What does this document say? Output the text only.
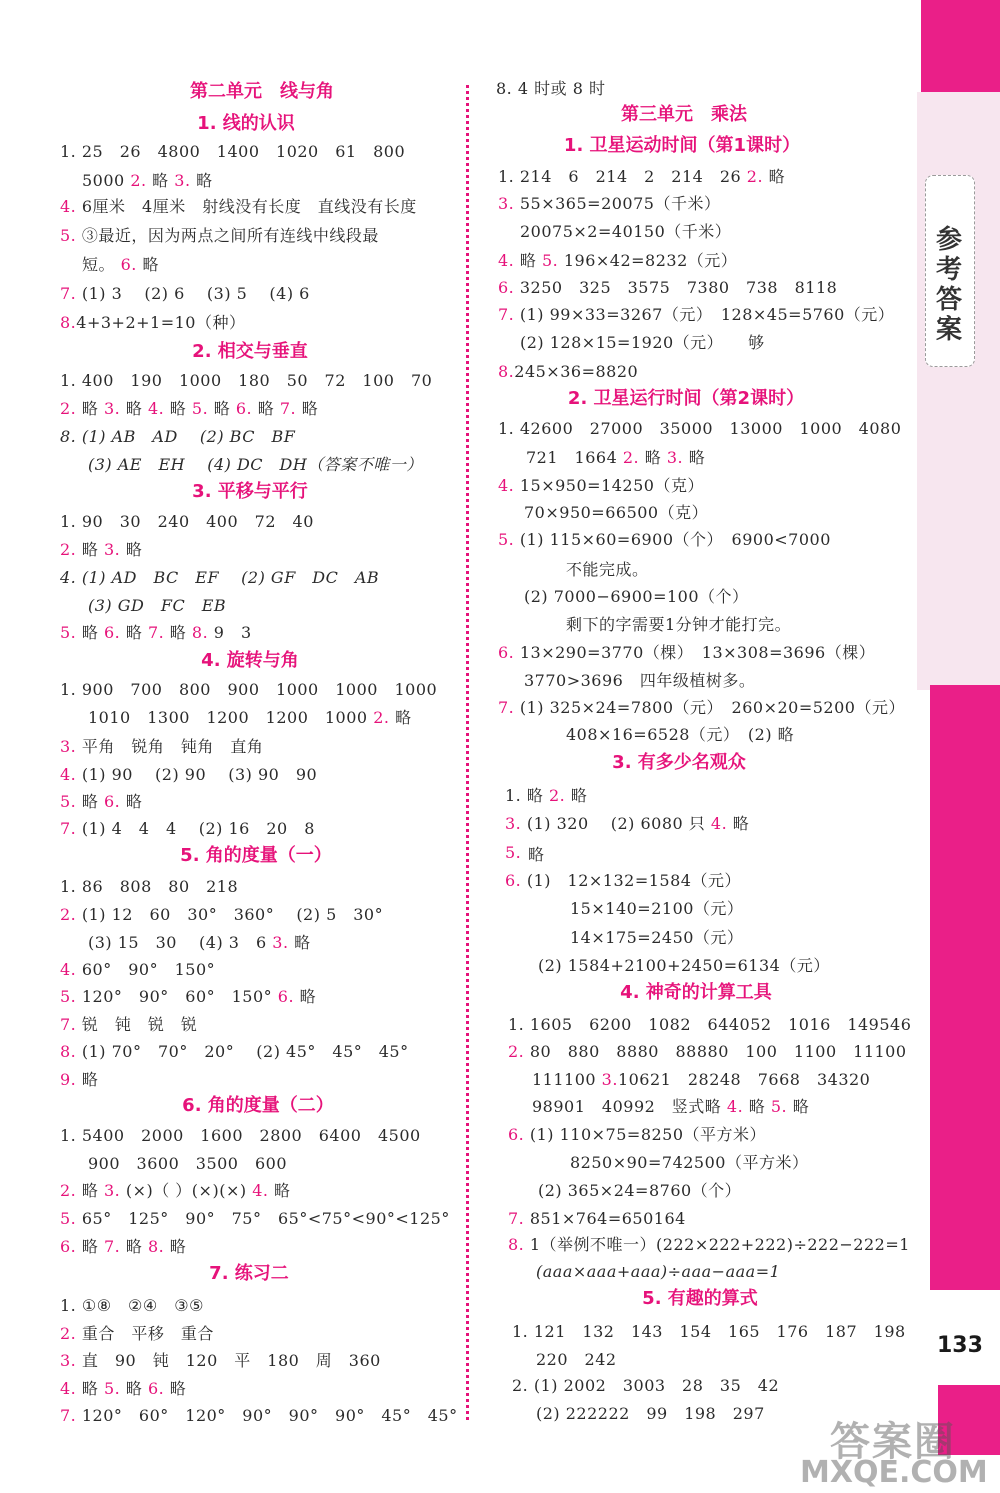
参考答案
133
答案圈
MXQE.COM
第二单元　线与角
1. 线的认识
1. 25　26　4800　1400　1020　61　800
5000 2. 略 3. 略
4. 6厘米　4厘米　射线没有长度　直线没有长度
5. ③最近，因为两点之间所有连线中线段最
短。 6. 略
7. (1) 3　 (2) 6　 (3) 5　 (4) 6
8.4+3+2+1=10（种）
2. 相交与垂直
1. 400　190　1000　180　50　72　100　70
2. 略 3. 略 4. 略 5. 略 6. 略 7. 略
8. (1) AB　AD　 (2) BC　BF
(3) AE　EH　 (4) DC　DH（答案不唯一）
3. 平移与平行
1. 90　30　240　400　72　40
2. 略 3. 略
4. (1) AD　BC　EF　 (2) GF　DC　AB
(3) GD　FC　EB
5. 略 6. 略 7. 略 8. 9　3
4. 旋转与角
1. 900　700　800　900　1000　1000　1000
1010　1300　1200　1200　1000 2. 略
3. 平角　锐角　钝角　直角
4. (1) 90　 (2) 90　 (3) 90　90
5. 略 6. 略
7. (1) 4　4　4　 (2) 16　20　8
5. 角的度量（一）
1. 86　808　80　218
2. (1) 12　60　30°　360°　 (2) 5　30°
(3) 15　30　 (4) 3　6 3. 略
4. 60°　90°　150°
5. 120°　90°　60°　150° 6. 略
7. 锐　钝　锐　锐
8. (1) 70°　70°　20°　 (2) 45°　45°　45°
9. 略
6. 角的度量（二）
1. 5400　2000　1600　2800　6400　4500
900　3600　3500　600
2. 略 3. (×)（ ）(×)(×) 4. 略
5. 65°　125°　90°　75°　65°<75°<90°<125°
6. 略 7. 略 8. 略
7. 练习二
1. ①⑧　②④　③⑤
2. 重合　平移　重合
3. 直　90　钝　120　平　180　周　360
4. 略 5. 略 6. 略
7. 120°　60°　120°　90°　90°　90°　45°　45°
8. 4 时或 8 时
第三单元　乘法
1. 卫星运动时间（第1课时）
1. 214　6　214　2　214　26 2. 略
3. 55×365=20075（千米）
20075×2=40150（千米）
4. 略 5. 196×42=8232（元）
6. 3250　325　3575　7380　738　8118
7. (1) 99×33=3267（元）　128×45=5760（元）
(2) 128×15=1920（元）　　够
8.245×36=8820
2. 卫星运行时间（第2课时）
1. 42600　27000　35000　13000　1000　4080
721　1664 2. 略 3. 略
4. 15×950=14250（克）
70×950=66500（克）
5. (1) 115×60=6900（个）　6900<7000
不能完成。
(2) 7000−6900=100（个）
剩下的字需要1分钟才能打完。
6. 13×290=3770（棵）　13×308=3696（棵）
3770>3696　四年级植树多。
7. (1) 325×24=7800（元）　260×20=5200（元）
408×16=6528（元）　(2) 略
3. 有多少名观众
1. 略 2. 略
3. (1) 320　 (2) 6080 只 4. 略
5. 略
6. (1)　12×132=1584（元）
15×140=2100（元）
14×175=2450（元）
(2) 1584+2100+2450=6134（元）
4. 神奇的计算工具
1. 1605　6200　1082　644052　1016　149546
2. 80　880　8880　88880　100　1100　11100
111100 3.10621　28248　7668　34320
98901　40992　竖式略 4. 略 5. 略
6. (1) 110×75=8250（平方米）
8250×90=742500（平方米）
(2) 365×24=8760（个）
7. 851×764=650164
8. 1（举例不唯一）(222×222+222)÷222−222=1
(aaa×aaa+aaa)÷aaa−aaa=1
5. 有趣的算式
1. 121　132　143　154　165　176　187　198
220　242
2. (1) 2002　3003　28　35　42
(2) 222222　99　198　297
